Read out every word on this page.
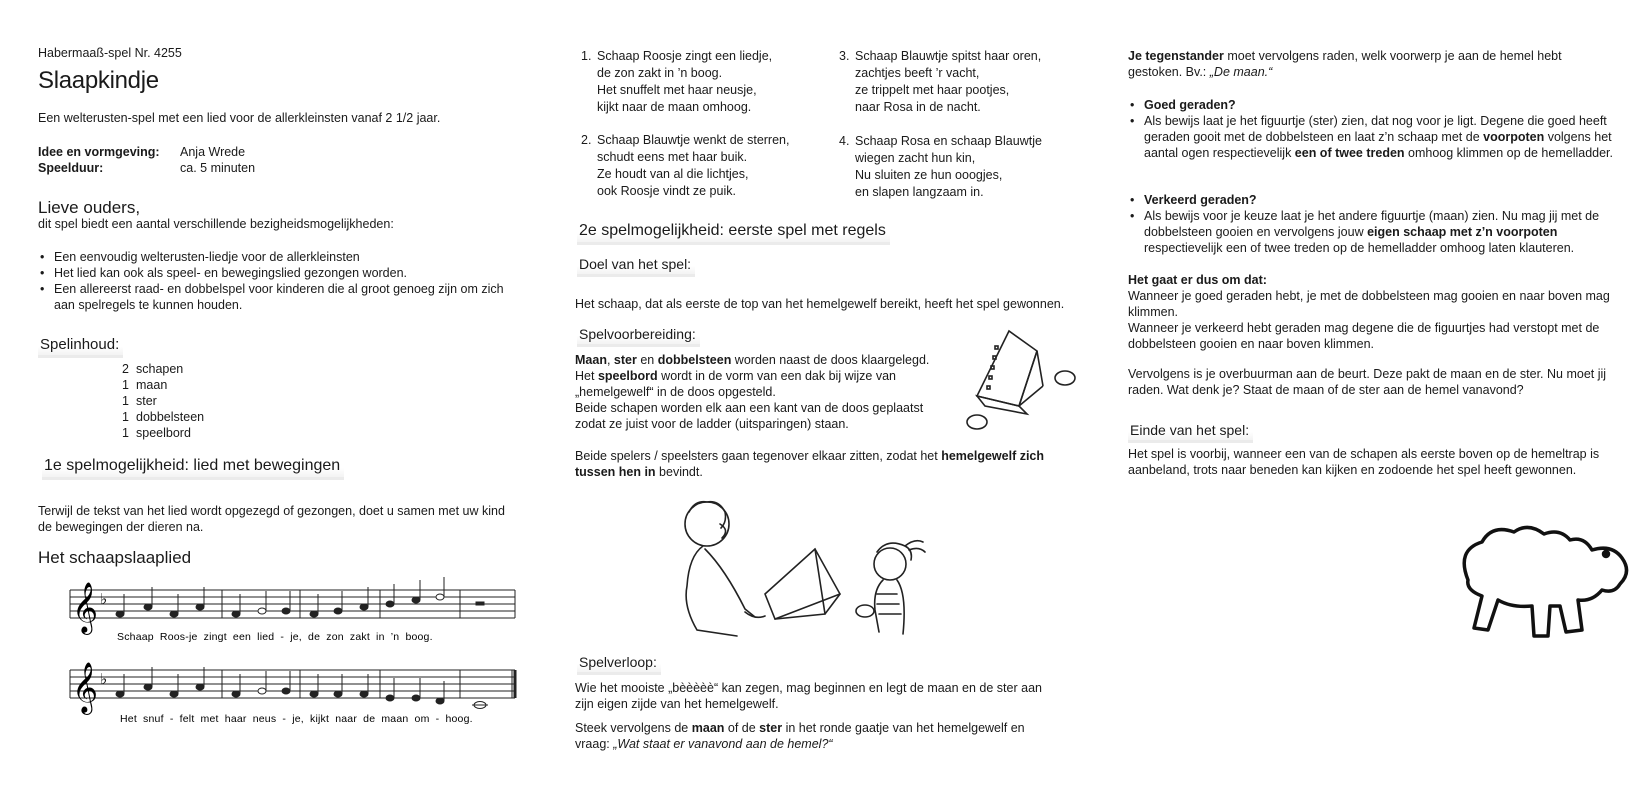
Habermaaß-spel Nr. 4255
Slaapkindje
Een welterusten-spel met een lied voor de allerkleinsten vanaf 2 1/2 jaar.
Idee en vormgeving: Anja Wrede
Speelduur:	ca. 5 minuten
Lieve ouders,
dit spel biedt een aantal verschillende bezigheidsmogelijkheden:
• Een eenvoudig welterusten-liedje voor de allerkleinsten
• Het lied kan ook als speel- en bewegingslied gezongen worden.
• Een allereerst raad- en dobbelspel voor kinderen die al groot genoeg zijn om zich aan spelregels te kunnen houden.
Spelinhoud:
2 schapen
1 maan
1 ster
1 dobbelsteen
1 speelbord
1e spelmogelijkheid: lied met bewegingen
Terwijl de tekst van het lied wordt opgezegd of gezongen, doet u samen met uw kind de bewegingen der dieren na.
Het schaapslaaplied
𝄞 ♭
Schaap Roos-je zingt een lied - je, de zon zakt in ’n boog.
𝄞 ♭
Het snuf - felt met haar neus - je, kijkt naar de maan om - hoog.
1. Schaap Roosje zingt een liedje,
de zon zakt in ’n boog.
Het snuffelt met haar neusje,
kijkt naar de maan omhoog.
2. Schaap Blauwtje wenkt de sterren,
schudt eens met haar buik.
Ze houdt van al die lichtjes,
ook Roosje vindt ze puik.
3. Schaap Blauwtje spitst haar oren,
zachtjes beeft ’r vacht,
ze trippelt met haar pootjes,
naar Rosa in de nacht.
4. Schaap Rosa en schaap Blauwtje
wiegen zacht hun kin,
Nu sluiten ze hun ooogjes,
en slapen langzaam in.
2e spelmogelijkheid: eerste spel met regels
Doel van het spel:
Het schaap, dat als eerste de top van het hemelgewelf bereikt, heeft het spel gewonnen.
Spelvoorbereiding:
Maan, ster en dobbelsteen worden naast de doos klaargelegd. Het speelbord wordt in de vorm van een dak bij wijze van „hemelgewelf“ in de doos opgesteld.
Beide schapen worden elk aan een kant van de doos geplaatst zodat ze juist voor de ladder (uitsparingen) staan.
Beide spelers / speelsters gaan tegenover elkaar zitten, zodat het hemelgewelf zich tussen hen in bevindt.
Spelverloop:
Wie het mooiste „bèèèèè“ kan zegen, mag beginnen en legt de maan en de ster aan zijn eigen zijde van het hemelgewelf.
Steek vervolgens de maan of de ster in het ronde gaatje van het hemelgewelf en vraag: „Wat staat er vanavond aan de hemel?“
Je tegenstander moet vervolgens raden, welk voorwerp je aan de hemel hebt gestoken. Bv.: „De maan.“
• Goed geraden?
• Als bewijs laat je het figuurtje (ster) zien, dat nog voor je ligt. Degene die goed heeft geraden gooit met de dobbelsteen en laat z’n schaap met de voorpoten volgens het aantal ogen respectievelijk een of twee treden omhoog klimmen op de hemelladder.
• Verkeerd geraden?
• Als bewijs voor je keuze laat je het andere figuurtje (maan) zien. Nu mag jij met de dobbelsteen gooien en vervolgens jouw eigen schaap met z’n voorpoten respectievelijk een of twee treden op de hemelladder omhoog laten klauteren.
Het gaat er dus om dat:
Wanneer je goed geraden hebt, je met de dobbelsteen mag gooien en naar boven mag klimmen.
Wanneer je verkeerd hebt geraden mag degene die de figuurtjes had verstopt met de dobbelsteen gooien en naar boven klimmen.
Vervolgens is je overbuurman aan de beurt. Deze pakt de maan en de ster. Nu moet jij raden. Wat denk je? Staat de maan of de ster aan de hemel vanavond?
Einde van het spel:
Het spel is voorbij, wanneer een van de schapen als eerste boven op de hemeltrap is aanbeland, trots naar beneden kan kijken en zodoende het spel heeft gewonnen.
